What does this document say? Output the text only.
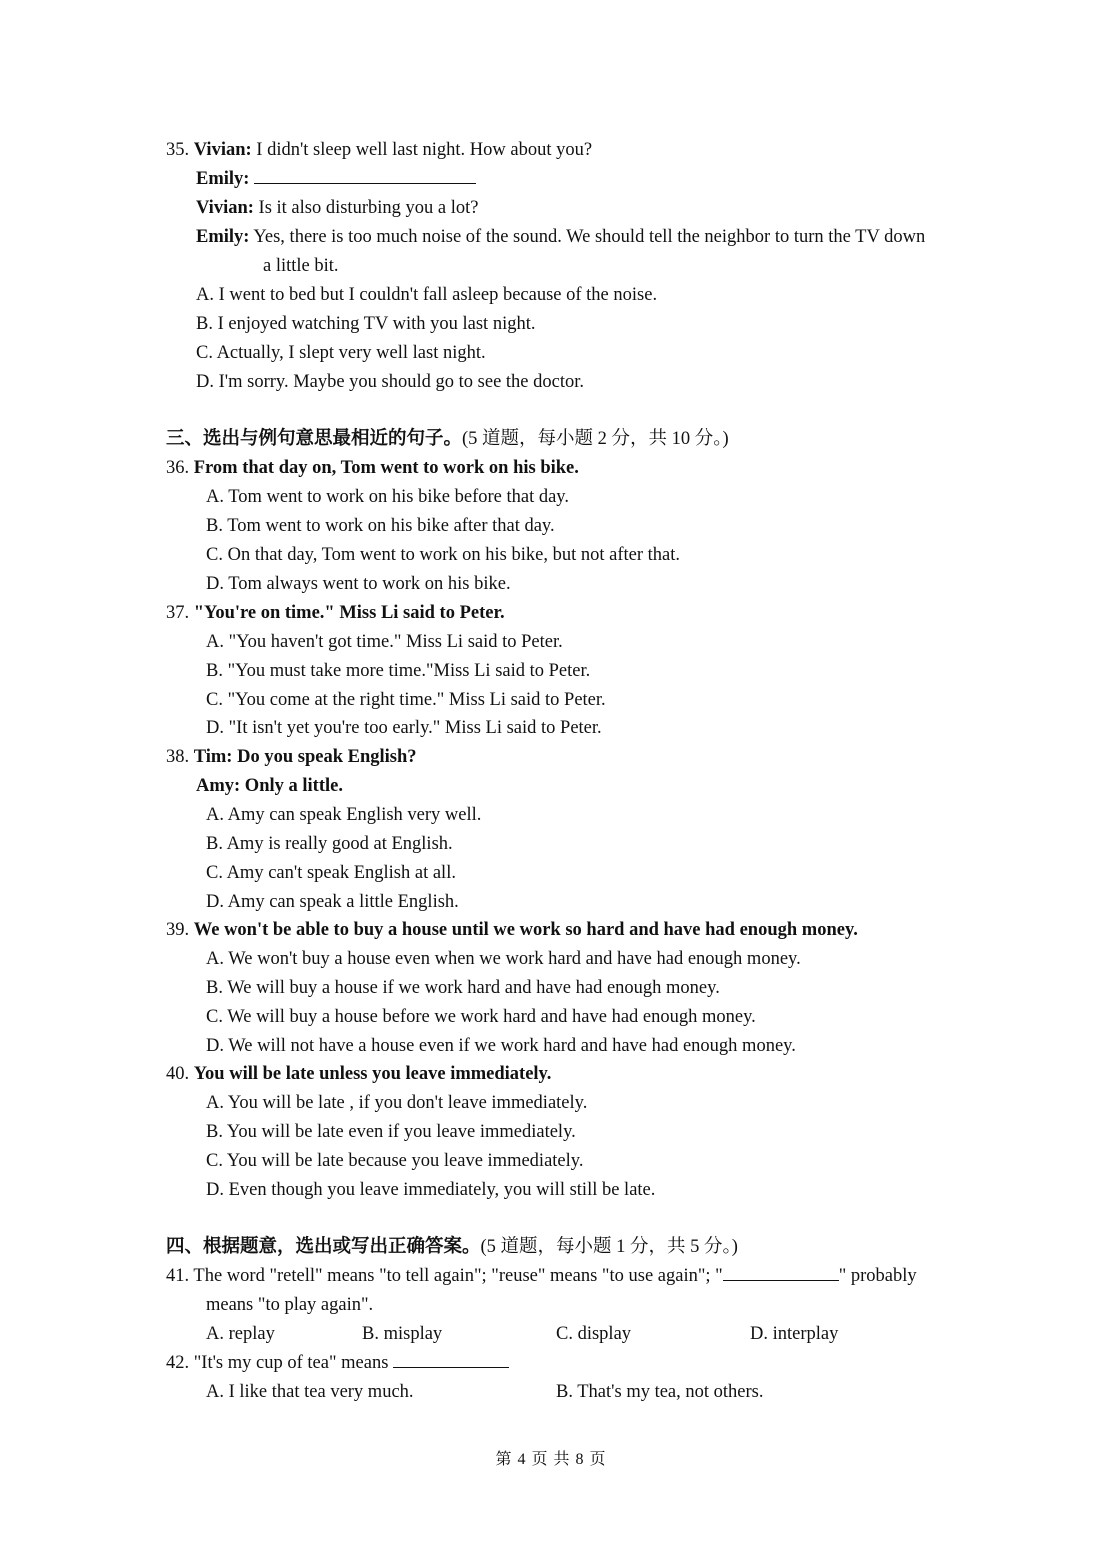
35. Vivian: I didn't sleep well last night. How about you?
Emily:
Vivian: Is it also disturbing you a lot?
Emily: Yes, there is too much noise of the sound. We should tell the neighbor to turn the TV down
a little bit.
A. I went to bed but I couldn't fall asleep because of the noise.
B. I enjoyed watching TV with you last night.
C. Actually, I slept very well last night.
D. I'm sorry. Maybe you should go to see the doctor.
三、选出与例句意思最相近的句子。(5 道题，每小题 2 分，共 10 分。)
36. From that day on, Tom went to work on his bike.
A. Tom went to work on his bike before that day.
B. Tom went to work on his bike after that day.
C. On that day, Tom went to work on his bike, but not after that.
D. Tom always went to work on his bike.
37. "You're on time." Miss Li said to Peter.
A. "You haven't got time." Miss Li said to Peter.
B. "You must take more time."Miss Li said to Peter.
C. "You come at the right time." Miss Li said to Peter.
D. "It isn't yet you're too early." Miss Li said to Peter.
38. Tim: Do you speak English?
Amy: Only a little.
A. Amy can speak English very well.
B. Amy is really good at English.
C. Amy can't speak English at all.
D. Amy can speak a little English.
39. We won't be able to buy a house until we work so hard and have had enough money.
A. We won't buy a house even when we work hard and have had enough money.
B. We will buy a house if we work hard and have had enough money.
C. We will buy a house before we work hard and have had enough money.
D. We will not have a house even if we work hard and have had enough money.
40. You will be late unless you leave immediately.
A. You will be late , if you don't leave immediately.
B. You will be late even if you leave immediately.
C. You will be late because you leave immediately.
D. Even though you leave immediately, you will still be late.
四、根据题意，选出或写出正确答案。(5 道题，每小题 1 分，共 5 分。)
41. The word "retell" means "to tell again"; "reuse" means "to use again"; "	" probably
means "to play again".
A. replay	B. misplay	C. display	D. interplay
42. "It's my cup of tea" means
A. I like that tea very much.	B. That's my tea, not others.
第 4 页 共 8 页
